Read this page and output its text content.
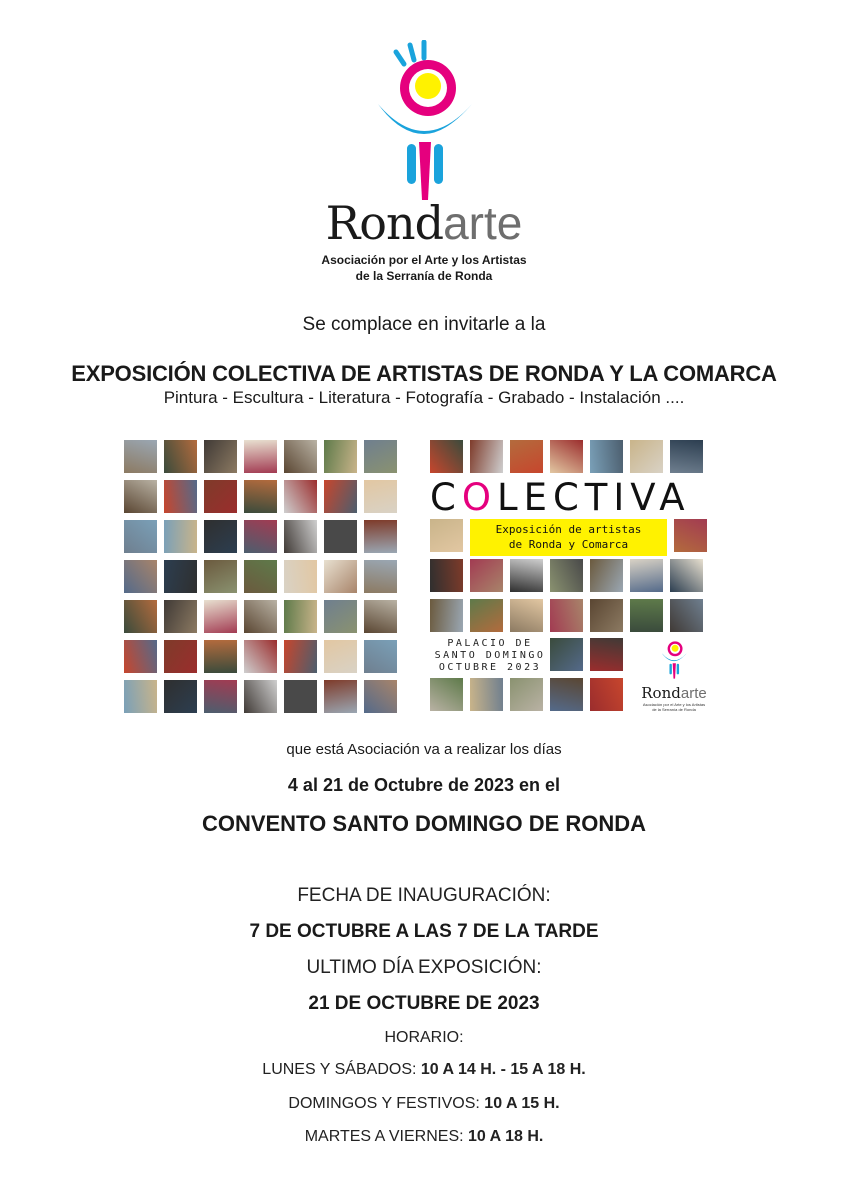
Rondarte
Asociación por el Arte y los Artistas
de la Serranía de Ronda
Se complace en invitarle a la
EXPOSICIÓN COLECTIVA DE ARTISTAS DE RONDA Y LA COMARCA
Pintura - Escultura - Literatura - Fotografía - Grabado - Instalación ....
COLECTIVA
Exposición de artistas
de Ronda y Comarca
PALACIO DE
SANTO DOMINGO
OCTUBRE 2023
Rondarte
Asociación por el Arte y los Artistas
de la Serranía de Ronda
que está Asociación va a realizar los días
4 al 21 de Octubre de 2023 en el
CONVENTO SANTO DOMINGO DE RONDA
FECHA DE INAUGURACIÓN:
7 DE OCTUBRE A LAS 7 DE LA TARDE
ULTIMO DÍA EXPOSICIÓN:
21 DE OCTUBRE DE 2023
HORARIO:
LUNES Y SÁBADOS: 10 A 14 H. - 15 A 18 H.
DOMINGOS Y FESTIVOS: 10 A 15 H.
MARTES A VIERNES: 10 A 18 H.
